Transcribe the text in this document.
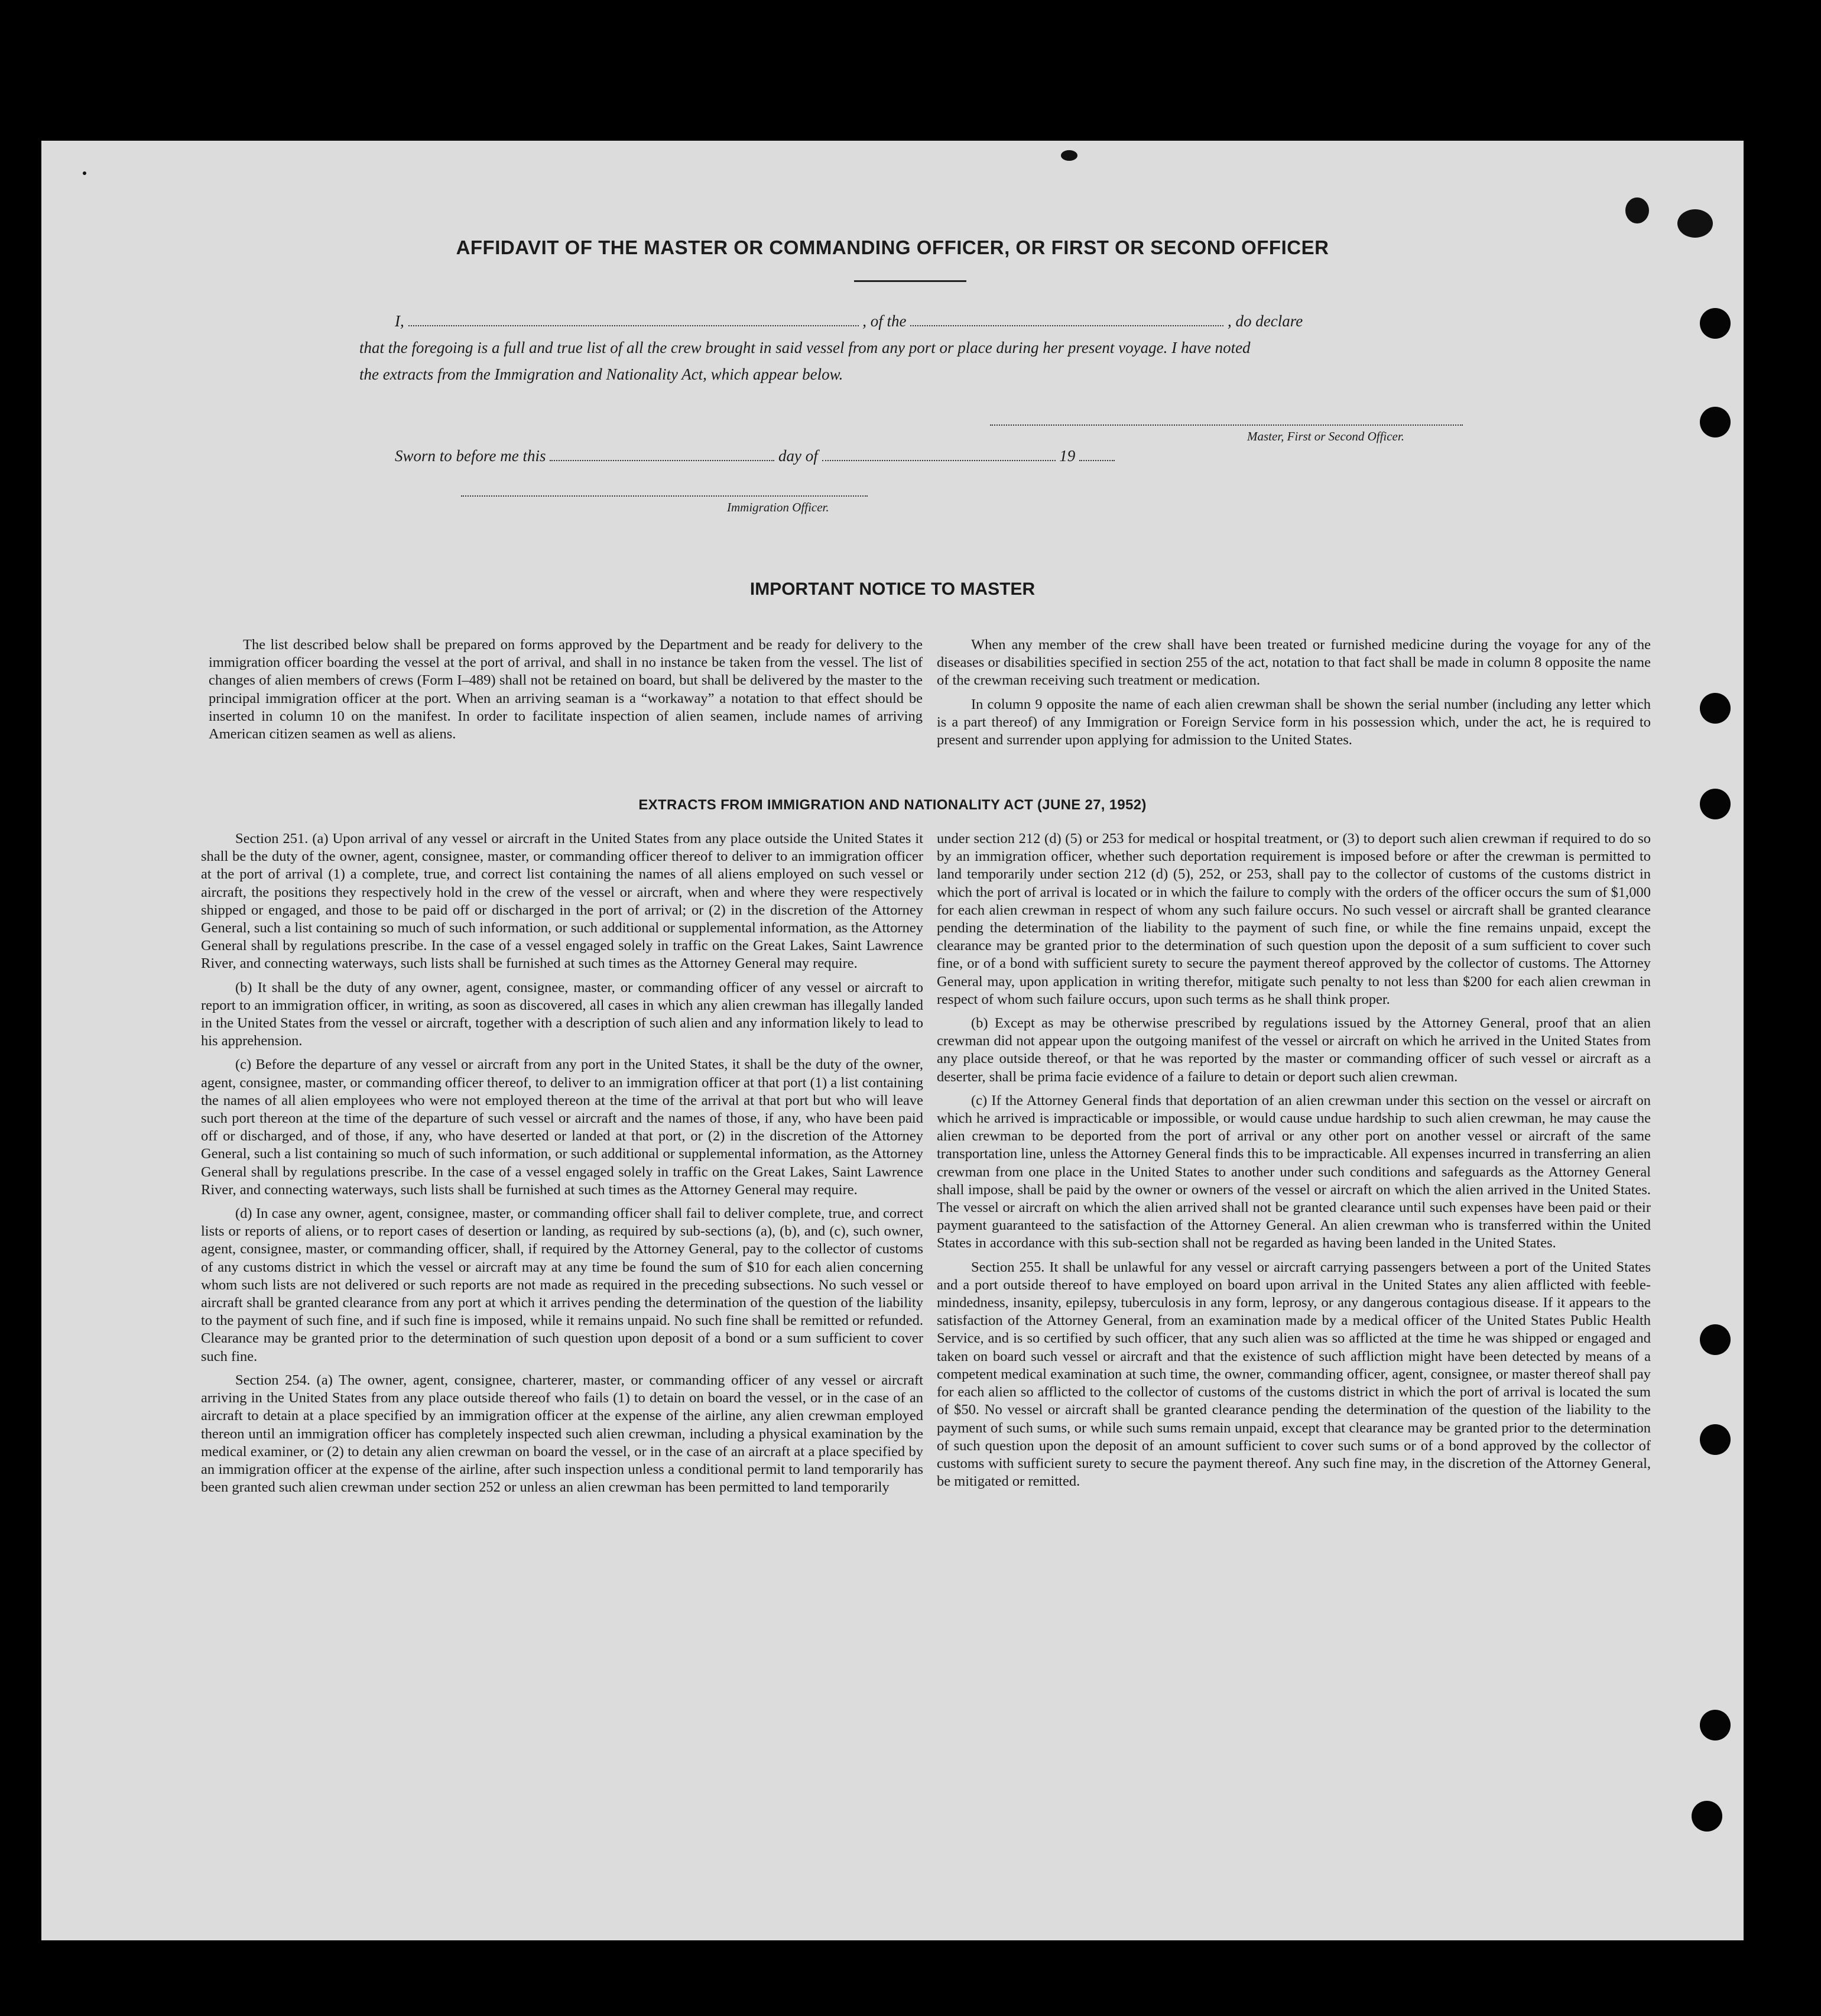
AFFIDAVIT OF THE MASTER OR COMMANDING OFFICER, OR FIRST OR SECOND OFFICER
I,	, of the	, do declare
that the foregoing is a full and true list of all the crew brought in said vessel from any port or place during her present voyage. I have noted
the extracts from the Immigration and Nationality Act, which appear below.
Master, First or Second Officer.
Sworn to before me this	day of	19
Immigration Officer.
IMPORTANT NOTICE TO MASTER

The list described below shall be prepared on forms approved by the Department and be ready for delivery to the immigration officer boarding the vessel at the port of arrival, and shall in no instance be taken from the vessel. The list of changes of alien members of crews (Form I–489) shall not be retained on board, but shall be delivered by the master to the principal immigration officer at the port. When an arriving seaman is a “workaway” a notation to that effect should be inserted in column 10 on the manifest. In order to facilitate inspection of alien seamen, include names of arriving American citizen seamen as well as aliens.

When any member of the crew shall have been treated or furnished medicine during the voyage for any of the diseases or disabilities specified in section 255 of the act, notation to that fact shall be made in column 8 opposite the name of the crewman receiving such treatment or medication.

In column 9 opposite the name of each alien crewman shall be shown the serial number (including any letter which is a part thereof) of any Immigration or Foreign Service form in his possession which, under the act, he is required to present and surrender upon applying for admission to the United States.

EXTRACTS FROM IMMIGRATION AND NATIONALITY ACT (JUNE 27, 1952)

Section 251. (a) Upon arrival of any vessel or aircraft in the United States from any place outside the United States it shall be the duty of the owner, agent, consignee, master, or commanding officer thereof to deliver to an immigration officer at the port of arrival (1) a complete, true, and correct list containing the names of all aliens employed on such vessel or aircraft, the positions they respectively hold in the crew of the vessel or aircraft, when and where they were respectively shipped or engaged, and those to be paid off or discharged in the port of arrival; or (2) in the discretion of the Attorney General, such a list containing so much of such information, or such additional or supplemental information, as the Attorney General shall by regulations prescribe. In the case of a vessel engaged solely in traffic on the Great Lakes, Saint Lawrence River, and connecting waterways, such lists shall be furnished at such times as the Attorney General may require.

(b) It shall be the duty of any owner, agent, consignee, master, or commanding officer of any vessel or aircraft to report to an immigration officer, in writing, as soon as discovered, all cases in which any alien crewman has illegally landed in the United States from the vessel or aircraft, together with a description of such alien and any information likely to lead to his apprehension.

(c) Before the departure of any vessel or aircraft from any port in the United States, it shall be the duty of the owner, agent, consignee, master, or commanding officer thereof, to deliver to an immigration officer at that port (1) a list containing the names of all alien employees who were not employed thereon at the time of the arrival at that port but who will leave such port thereon at the time of the departure of such vessel or aircraft and the names of those, if any, who have been paid off or discharged, and of those, if any, who have deserted or landed at that port, or (2) in the discretion of the Attorney General, such a list containing so much of such information, or such additional or supplemental information, as the Attorney General shall by regulations prescribe. In the case of a vessel engaged solely in traffic on the Great Lakes, Saint Lawrence River, and connecting waterways, such lists shall be furnished at such times as the Attorney General may require.

(d) In case any owner, agent, consignee, master, or commanding officer shall fail to deliver complete, true, and correct lists or reports of aliens, or to report cases of desertion or landing, as required by sub-sections (a), (b), and (c), such owner, agent, consignee, master, or commanding officer, shall, if required by the Attorney General, pay to the collector of customs of any customs district in which the vessel or aircraft may at any time be found the sum of $10 for each alien concerning whom such lists are not delivered or such reports are not made as required in the preceding subsections. No such vessel or aircraft shall be granted clearance from any port at which it arrives pending the determination of the question of the liability to the payment of such fine, and if such fine is imposed, while it remains unpaid. No such fine shall be remitted or refunded. Clearance may be granted prior to the determination of such question upon deposit of a bond or a sum sufficient to cover such fine.

Section 254. (a) The owner, agent, consignee, charterer, master, or commanding officer of any vessel or aircraft arriving in the United States from any place outside thereof who fails (1) to detain on board the vessel, or in the case of an aircraft to detain at a place specified by an immigration officer at the expense of the airline, any alien crewman employed thereon until an immigration officer has completely inspected such alien crewman, including a physical examination by the medical examiner, or (2) to detain any alien crewman on board the vessel, or in the case of an aircraft at a place specified by an immigration officer at the expense of the airline, after such inspection unless a conditional permit to land temporarily has been granted such alien crewman under section 252 or unless an alien crewman has been permitted to land temporarily

under section 212 (d) (5) or 253 for medical or hospital treatment, or (3) to deport such alien crewman if required to do so by an immigration officer, whether such deportation requirement is imposed before or after the crewman is permitted to land temporarily under section 212 (d) (5), 252, or 253, shall pay to the collector of customs of the customs district in which the port of arrival is located or in which the failure to comply with the orders of the officer occurs the sum of $1,000 for each alien crewman in respect of whom any such failure occurs. No such vessel or aircraft shall be granted clearance pending the determination of the liability to the payment of such fine, or while the fine remains unpaid, except the clearance may be granted prior to the determination of such question upon the deposit of a sum sufficient to cover such fine, or of a bond with sufficient surety to secure the payment thereof approved by the collector of customs. The Attorney General may, upon application in writing therefor, mitigate such penalty to not less than $200 for each alien crewman in respect of whom such failure occurs, upon such terms as he shall think proper.

(b) Except as may be otherwise prescribed by regulations issued by the Attorney General, proof that an alien crewman did not appear upon the outgoing manifest of the vessel or aircraft on which he arrived in the United States from any place outside thereof, or that he was reported by the master or commanding officer of such vessel or aircraft as a deserter, shall be prima facie evidence of a failure to detain or deport such alien crewman.

(c) If the Attorney General finds that deportation of an alien crewman under this section on the vessel or aircraft on which he arrived is impracticable or impossible, or would cause undue hardship to such alien crewman, he may cause the alien crewman to be deported from the port of arrival or any other port on another vessel or aircraft of the same transportation line, unless the Attorney General finds this to be impracticable. All expenses incurred in transferring an alien crewman from one place in the United States to another under such conditions and safeguards as the Attorney General shall impose, shall be paid by the owner or owners of the vessel or aircraft on which the alien arrived in the United States. The vessel or aircraft on which the alien arrived shall not be granted clearance until such expenses have been paid or their payment guaranteed to the satisfaction of the Attorney General. An alien crewman who is transferred within the United States in accordance with this sub-section shall not be regarded as having been landed in the United States.

Section 255. It shall be unlawful for any vessel or aircraft carrying passengers between a port of the United States and a port outside thereof to have employed on board upon arrival in the United States any alien afflicted with feeble-mindedness, insanity, epilepsy, tuberculosis in any form, leprosy, or any dangerous contagious disease. If it appears to the satisfaction of the Attorney General, from an examination made by a medical officer of the United States Public Health Service, and is so certified by such officer, that any such alien was so afflicted at the time he was shipped or engaged and taken on board such vessel or aircraft and that the existence of such affliction might have been detected by means of a competent medical examination at such time, the owner, commanding officer, agent, consignee, or master thereof shall pay for each alien so afflicted to the collector of customs of the customs district in which the port of arrival is located the sum of $50. No vessel or aircraft shall be granted clearance pending the determination of the question of the liability to the payment of such sums, or while such sums remain unpaid, except that clearance may be granted prior to the determination of such question upon the deposit of an amount sufficient to cover such sums or of a bond approved by the collector of customs with sufficient surety to secure the payment thereof. Any such fine may, in the discretion of the Attorney General, be mitigated or remitted.
